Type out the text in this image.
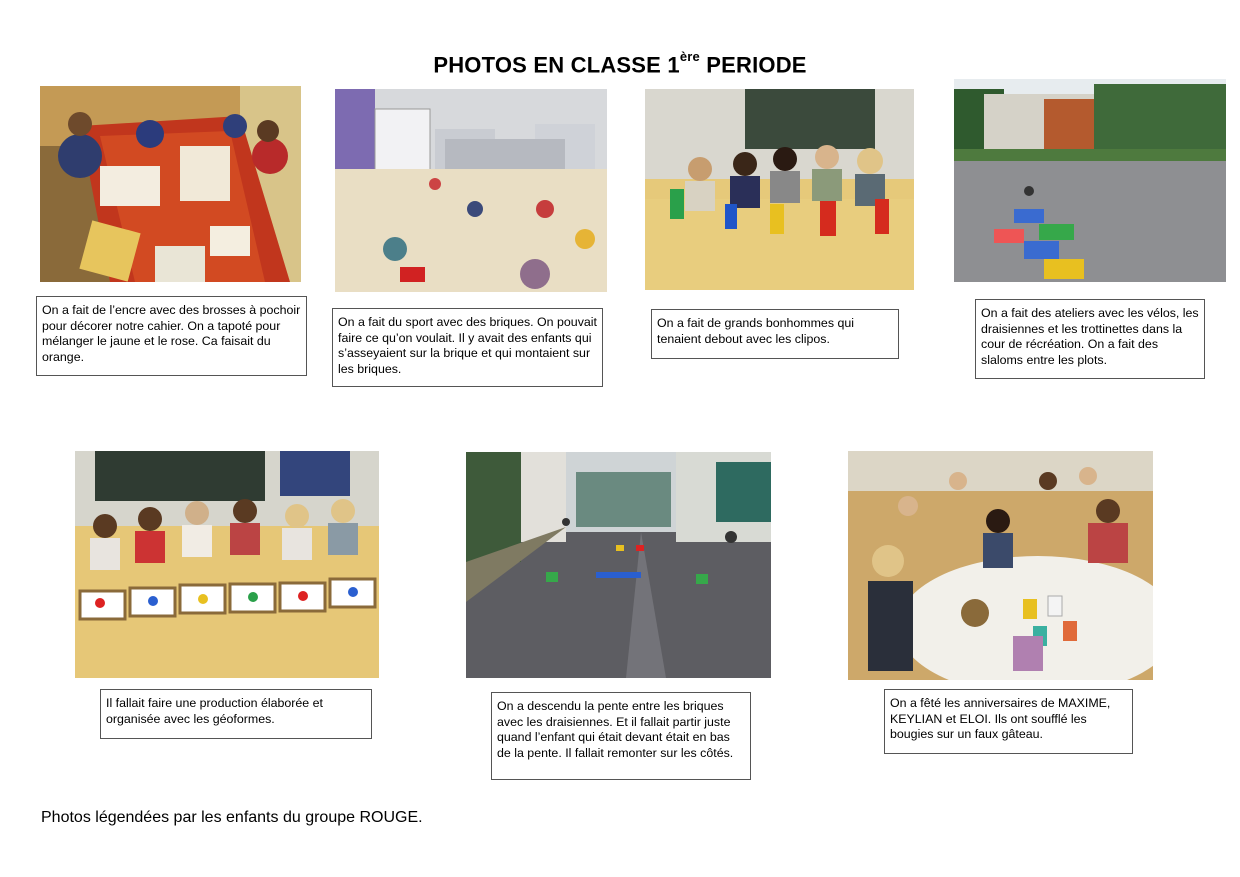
PHOTOS EN CLASSE 1ère PERIODE
On a fait de l’encre avec des brosses à pochoir pour décorer notre cahier. On a tapoté pour mélanger le jaune et le rose. Ca faisait du orange.
On a fait du sport avec des briques. On pouvait faire ce qu’on voulait. Il y avait des enfants qui s’asseyaient sur la brique et qui montaient sur les briques.
On a fait de grands bonhommes qui tenaient debout avec les clipos.
On a fait des ateliers avec les vélos, les draisiennes et les trottinettes dans la cour de récréation. On a fait des slaloms entre les plots.
Il fallait faire une production élaborée et organisée avec les géoformes.
On a descendu la pente entre les briques avec les draisiennes. Et il fallait partir juste quand l’enfant qui était devant était en bas de la pente. Il fallait remonter sur les côtés.
On a fêté les anniversaires de MAXIME, KEYLIAN et ELOI. Ils ont soufflé les bougies sur un faux gâteau.
Photos légendées par les enfants du groupe ROUGE.
